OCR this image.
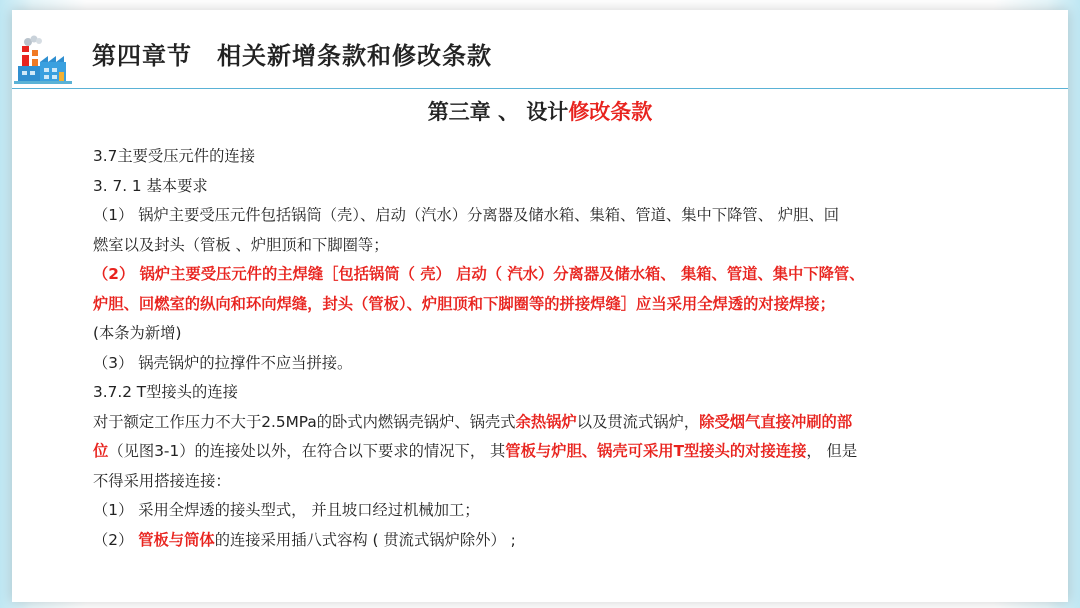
第四章节　相关新增条款和修改条款
第三章 、 设计修改条款
3.7主要受压元件的连接
3. 7. 1 基本要求
（1） 锅炉主要受压元件包括锅筒（壳）、启动（汽水）分离器及储水箱、集箱、管道、集中下降管、 炉胆、回
燃室以及封头（管板 、炉胆顶和下脚圈等；
（2） 锅炉主要受压元件的主焊缝［包括锅筒（ 壳） 启动（ 汽水）分离器及储水箱、 集箱、管道、集中下降管、
炉胆、回燃室的纵向和环向焊缝，封头（管板）、炉胆顶和下脚圈等的拼接焊缝］应当采用全焊透的对接焊接；
(本条为新增)
（3） 锅壳锅炉的拉撑件不应当拼接。
3.7.2 T型接头的连接
对于额定工作压力不大于2.5MPa的卧式内燃锅壳锅炉、锅壳式余热锅炉以及贯流式锅炉，除受烟气直接冲刷的部
位（见图3-1）的连接处以外，在符合以下要求的情况下， 其管板与炉胆、锅壳可采用T型接头的对接连接， 但是
不得采用搭接连接：
（1） 采用全焊透的接头型式， 并且坡口经过机械加工；
（2） 管板与筒体的连接采用插八式容构 ( 贯流式锅炉除外） ;
